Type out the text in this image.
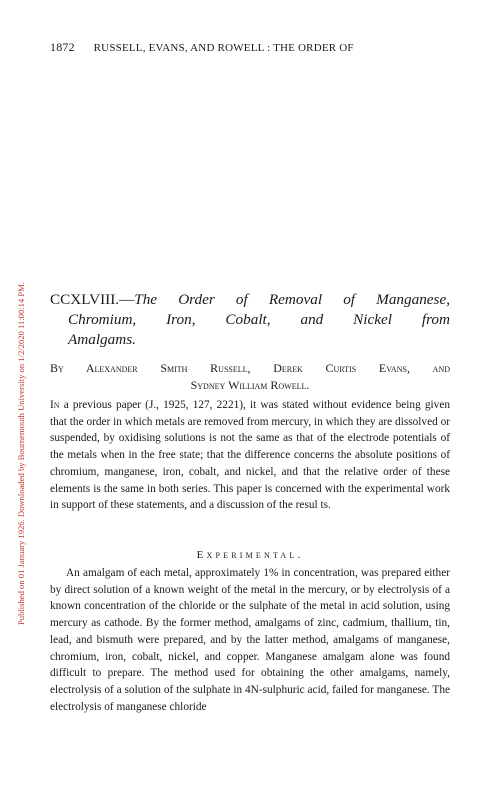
Published on 01 January 1926. Downloaded by Bournemouth University on 1/2/2020 11:00:14 PM.
1872 RUSSELL, EVANS, AND ROWELL : THE ORDER OF
CCXLVIII.—The Order of Removal of Manganese,
Chromium, Iron, Cobalt, and Nickel from
Amalgams.
By Alexander Smith Russell, Derek Curtis Evans, and
Sydney William Rowell.
In a previous paper (J., 1925, 127, 2221), it was stated without evidence being given that the order in which metals are removed from mercury, in which they are dissolved or suspended, by oxidising solutions is not the same as that of the electrode potentials of the metals when in the free state; that the difference concerns the absolute positions of chromium, manganese, iron, cobalt, and nickel, and that the relative order of these elements is the same in both series. This paper is concerned with the experimental work in support of these statements, and a discussion of the resul ts.
Experimental.
An amalgam of each metal, approximately 1% in concentration, was prepared either by direct solution of a known weight of the metal in the mercury, or by electrolysis of a known concentration of the chloride or the sulphate of the metal in acid solution, using mercury as cathode. By the former method, amalgams of zinc, cadmium, thallium, tin, lead, and bismuth were prepared, and by the latter method, amalgams of manganese, chromium, iron, cobalt, nickel, and copper. Manganese amalgam alone was found difficult to prepare. The method used for obtaining the other amalgams, namely, electrolysis of a solution of the sulphate in 4N-sulphuric acid, failed for manganese. The electrolysis of manganese chloride
